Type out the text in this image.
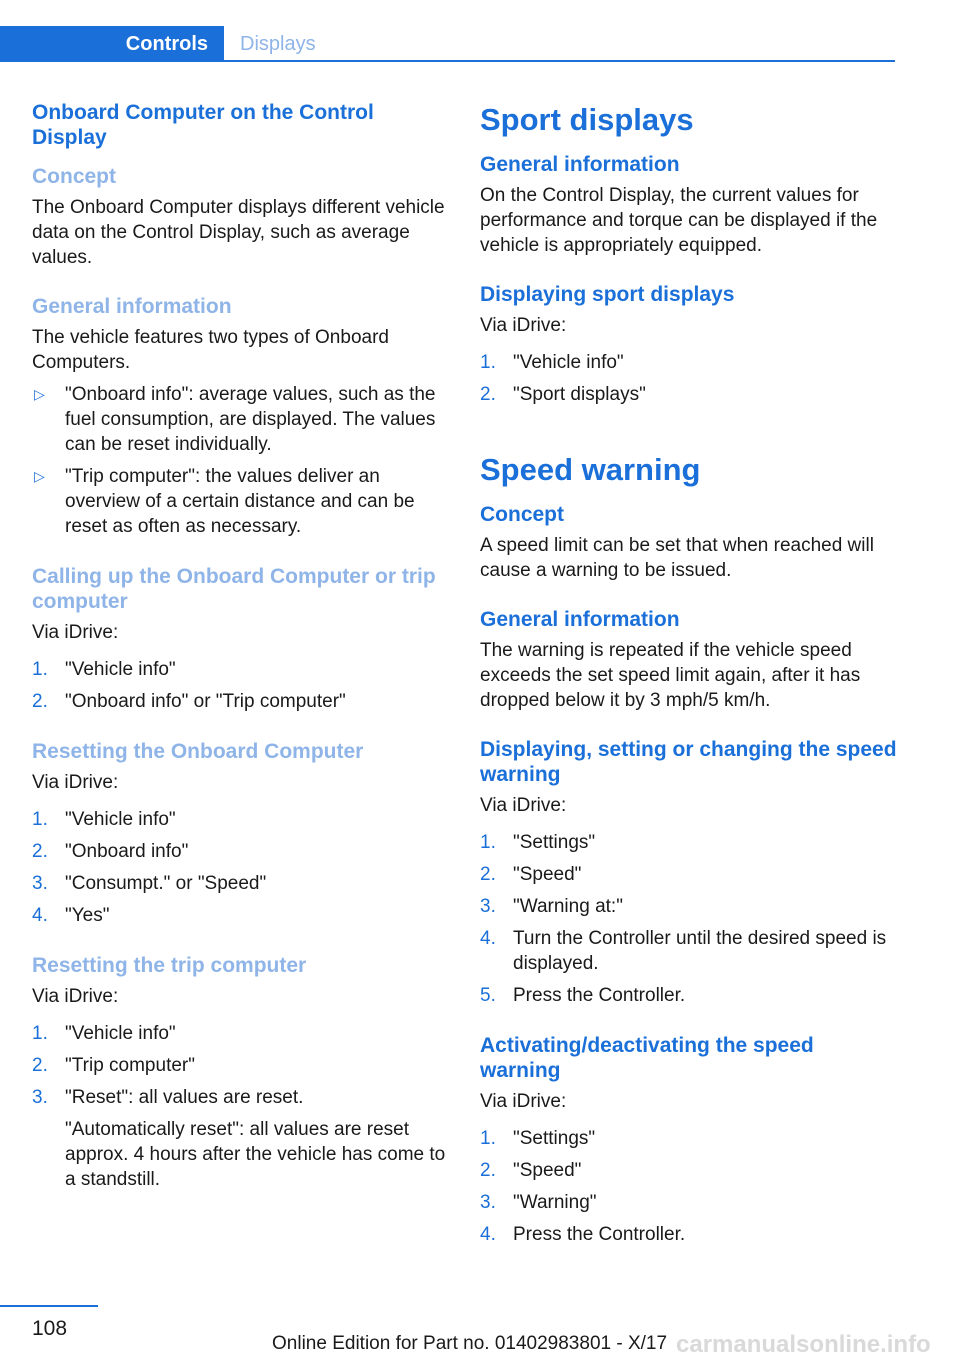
Controls	Displays
Onboard Computer on the Control Display
Concept

The Onboard Computer displays different vehicle data on the Control Display, such as average values.

General information

The vehicle features two types of Onboard Computers.

▷ "Onboard info": average values, such as the fuel consumption, are displayed. The values can be reset individually.
▷ "Trip computer": the values deliver an overview of a certain distance and can be reset as often as necessary.
Calling up the Onboard Computer or trip computer

Via iDrive:

1. "Vehicle info"
2. "Onboard info" or "Trip computer"
Resetting the Onboard Computer

Via iDrive:

1. "Vehicle info"
2. "Onboard info"
3. "Consumpt." or "Speed"
4. "Yes"
Resetting the trip computer

Via iDrive:

1. "Vehicle info"
2. "Trip computer"
3. "Reset": all values are reset.
"Automatically reset": all values are reset approx. 4 hours after the vehicle has come to a standstill.
Sport displays
General information

On the Control Display, the current values for performance and torque can be displayed if the vehicle is appropriately equipped.

Displaying sport displays

Via iDrive:

1. "Vehicle info"
2. "Sport displays"
Speed warning
Concept

A speed limit can be set that when reached will cause a warning to be issued.

General information

The warning is repeated if the vehicle speed exceeds the set speed limit again, after it has dropped below it by 3 mph/5 km/h.

Displaying, setting or changing the speed warning

Via iDrive:

1. "Settings"
2. "Speed"
3. "Warning at:"
4. Turn the Controller until the desired speed is displayed.
5. Press the Controller.
Activating/deactivating the speed warning

Via iDrive:

1. "Settings"
2. "Speed"
3. "Warning"
4. Press the Controller.
108
Online Edition for Part no. 01402983801 - X/17 carmanualsonline.info
